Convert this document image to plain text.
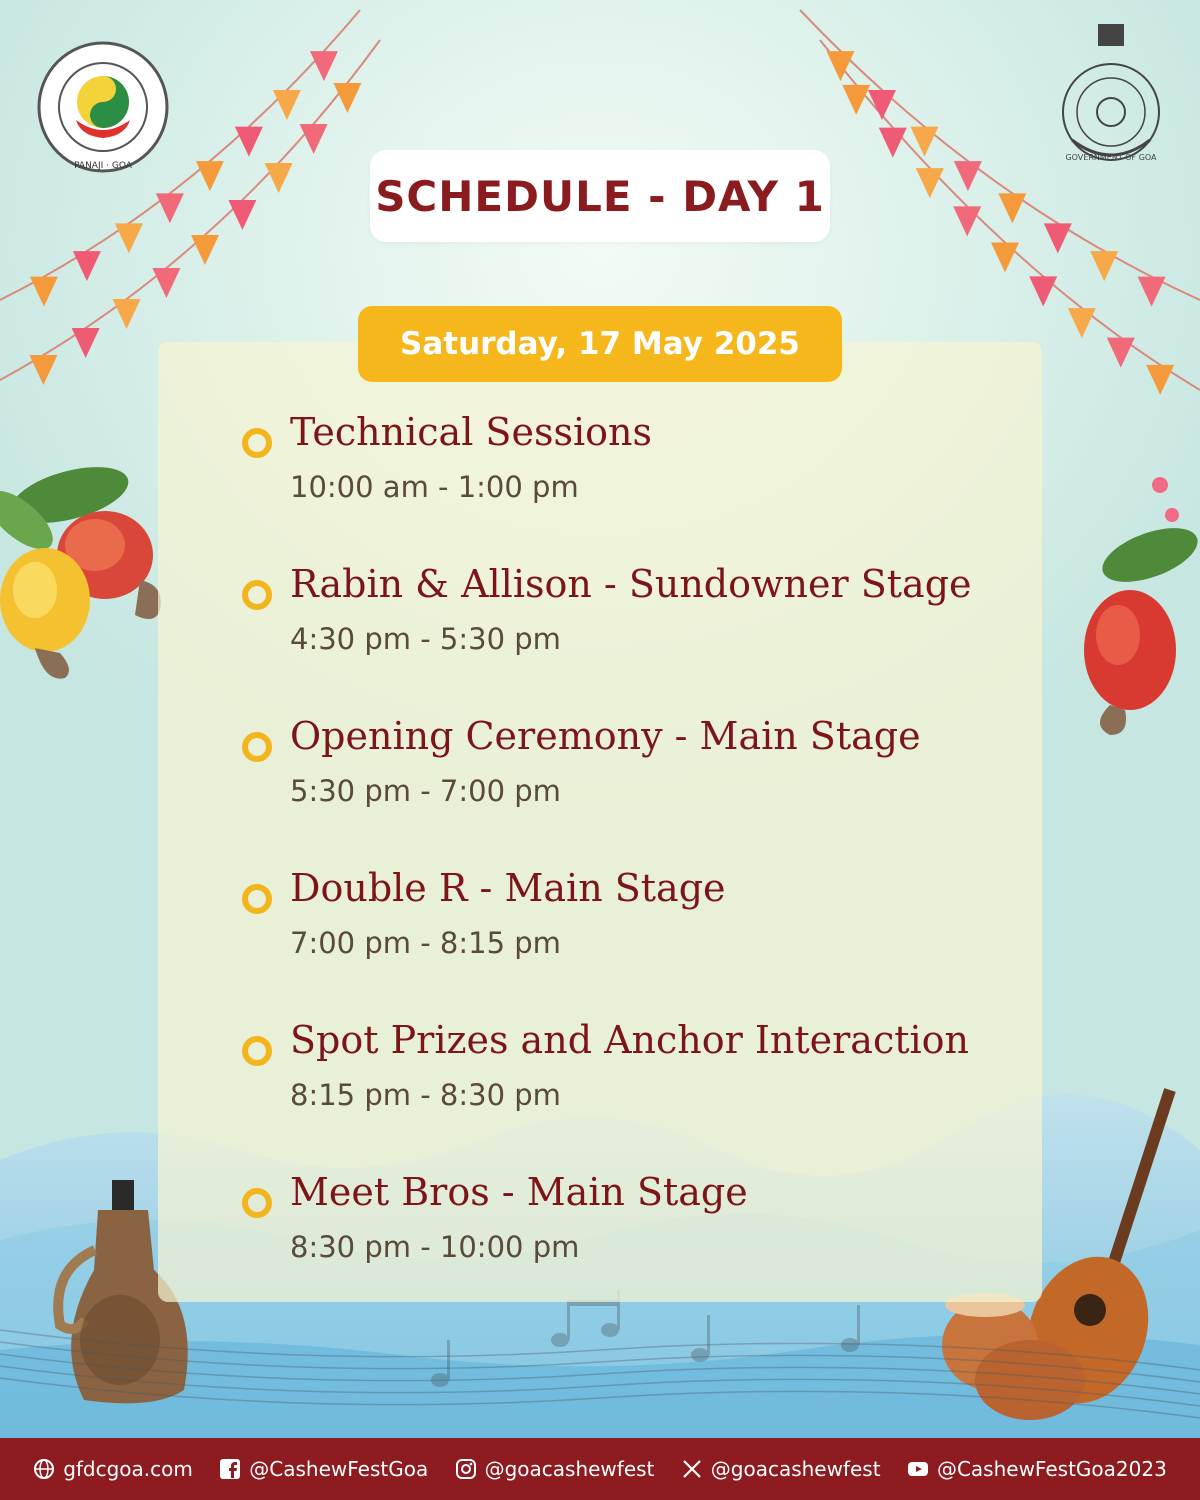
PANAJI · GOA
GOVERNMENT OF GOA
SCHEDULE - DAY 1
Saturday, 17 May 2025
Technical Sessions
10:00 am - 1:00 pm
Rabin & Allison - Sundowner Stage
4:30 pm - 5:30 pm
Opening Ceremony - Main Stage
5:30 pm - 7:00 pm
Double R - Main Stage
7:00 pm - 8:15 pm
Spot Prizes and Anchor Interaction
8:15 pm - 8:30 pm
Meet Bros - Main Stage
8:30 pm - 10:00 pm
gfdcgoa.com	@CashewFestGoa	@goacashewfest	@goacashewfest	@CashewFestGoa2023
